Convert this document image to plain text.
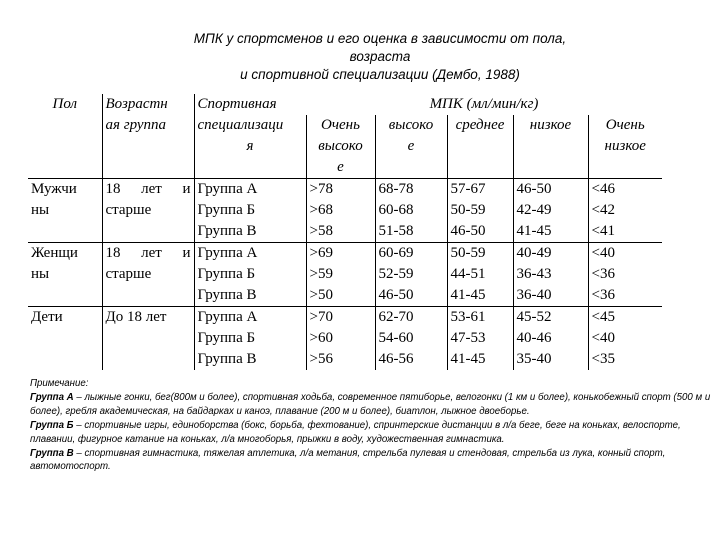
МПК у спортсменов и его оценка в зависимости от пола,
возраста
и спортивной специализации (Дембо, 1988)
Пол	Возрастн	Спортивная	МПК (мл/мин/кг)				
	ая группа	специализаци	Очень	высоко	среднее	низкое	Очень
		я	высоко	е			низкое
			е				
Мужчи	18 лет и	Группа А	>78	68-78	57-67	46-50	<46
ны	старше	Группа Б	>68	60-68	50-59	42-49	<42
		Группа В	>58	51-58	46-50	41-45	<41
Женщи	18 лет и	Группа А	>69	60-69	50-59	40-49	<40
ны	старше	Группа Б	>59	52-59	44-51	36-43	<36
		Группа В	>50	46-50	41-45	36-40	<36
Дети	До 18 лет	Группа А	>70	62-70	53-61	45-52	<45
		Группа Б	>60	54-60	47-53	40-46	<40
		Группа В	>56	46-56	41-45	35-40	<35

Примечание:

Группа А – лыжные гонки, бег(800м и более), спортивная ходьба, современное пятиборье, велогонки (1 км и более), конькобежный спорт (500 м и более), гребля академическая, на байдарках и каноэ, плавание (200 м и более), биатлон, лыжное двоеборье.

Группа Б – спортивные игры, единоборства (бокс, борьба, фехтование), спринтерские дистанции в л/а беге, беге на коньках, велоспорте, плавании, фигурное катание на коньках, л/а многоборья, прыжки в воду, художественная гимнастика.

Группа В – спортивная гимнастика, тяжелая атлетика, л/а метания, стрельба пулевая и стендовая, стрельба из лука, конный спорт, автомотоспорт.
